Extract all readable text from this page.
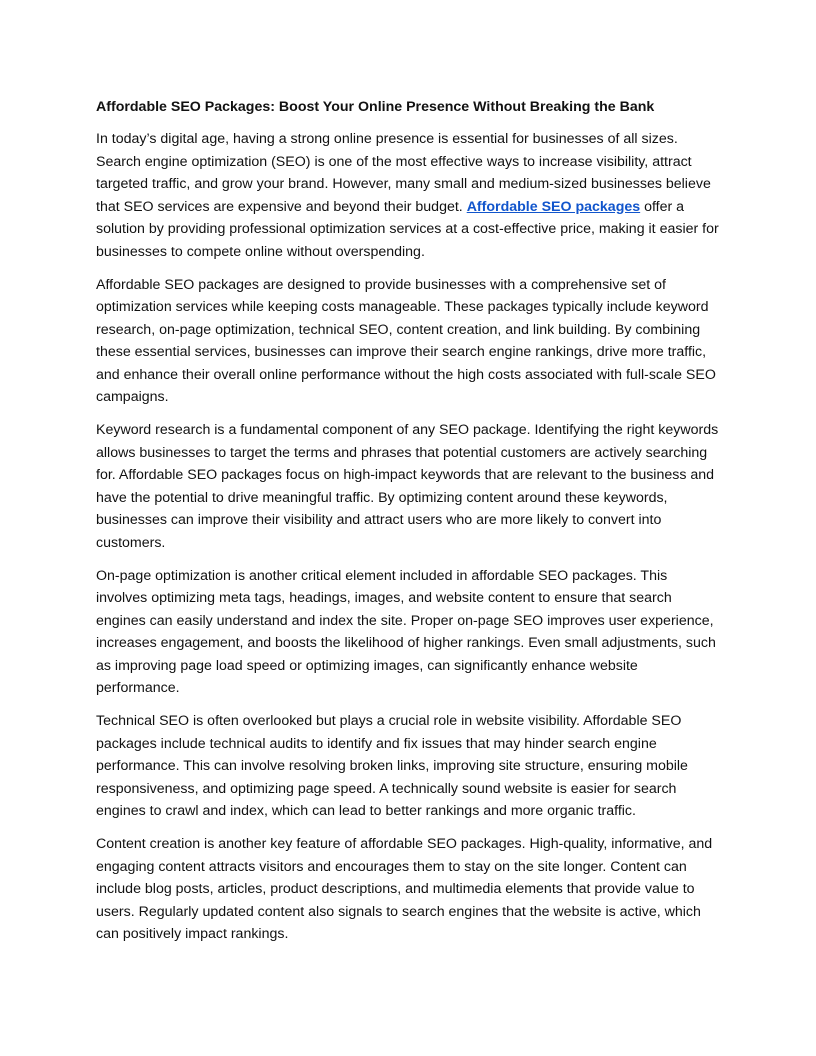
Affordable SEO Packages: Boost Your Online Presence Without Breaking the Bank

In today’s digital age, having a strong online presence is essential for businesses of all sizes. Search engine optimization (SEO) is one of the most effective ways to increase visibility, attract targeted traffic, and grow your brand. However, many small and medium-sized businesses believe that SEO services are expensive and beyond their budget. Affordable SEO packages offer a solution by providing professional optimization services at a cost-effective price, making it easier for businesses to compete online without overspending.

Affordable SEO packages are designed to provide businesses with a comprehensive set of optimization services while keeping costs manageable. These packages typically include keyword research, on-page optimization, technical SEO, content creation, and link building. By combining these essential services, businesses can improve their search engine rankings, drive more traffic, and enhance their overall online performance without the high costs associated with full-scale SEO campaigns.

Keyword research is a fundamental component of any SEO package. Identifying the right keywords allows businesses to target the terms and phrases that potential customers are actively searching for. Affordable SEO packages focus on high-impact keywords that are relevant to the business and have the potential to drive meaningful traffic. By optimizing content around these keywords, businesses can improve their visibility and attract users who are more likely to convert into customers.

On-page optimization is another critical element included in affordable SEO packages. This involves optimizing meta tags, headings, images, and website content to ensure that search engines can easily understand and index the site. Proper on-page SEO improves user experience, increases engagement, and boosts the likelihood of higher rankings. Even small adjustments, such as improving page load speed or optimizing images, can significantly enhance website performance.

Technical SEO is often overlooked but plays a crucial role in website visibility. Affordable SEO packages include technical audits to identify and fix issues that may hinder search engine performance. This can involve resolving broken links, improving site structure, ensuring mobile responsiveness, and optimizing page speed. A technically sound website is easier for search engines to crawl and index, which can lead to better rankings and more organic traffic.

Content creation is another key feature of affordable SEO packages. High-quality, informative, and engaging content attracts visitors and encourages them to stay on the site longer. Content can include blog posts, articles, product descriptions, and multimedia elements that provide value to users. Regularly updated content also signals to search engines that the website is active, which can positively impact rankings.
